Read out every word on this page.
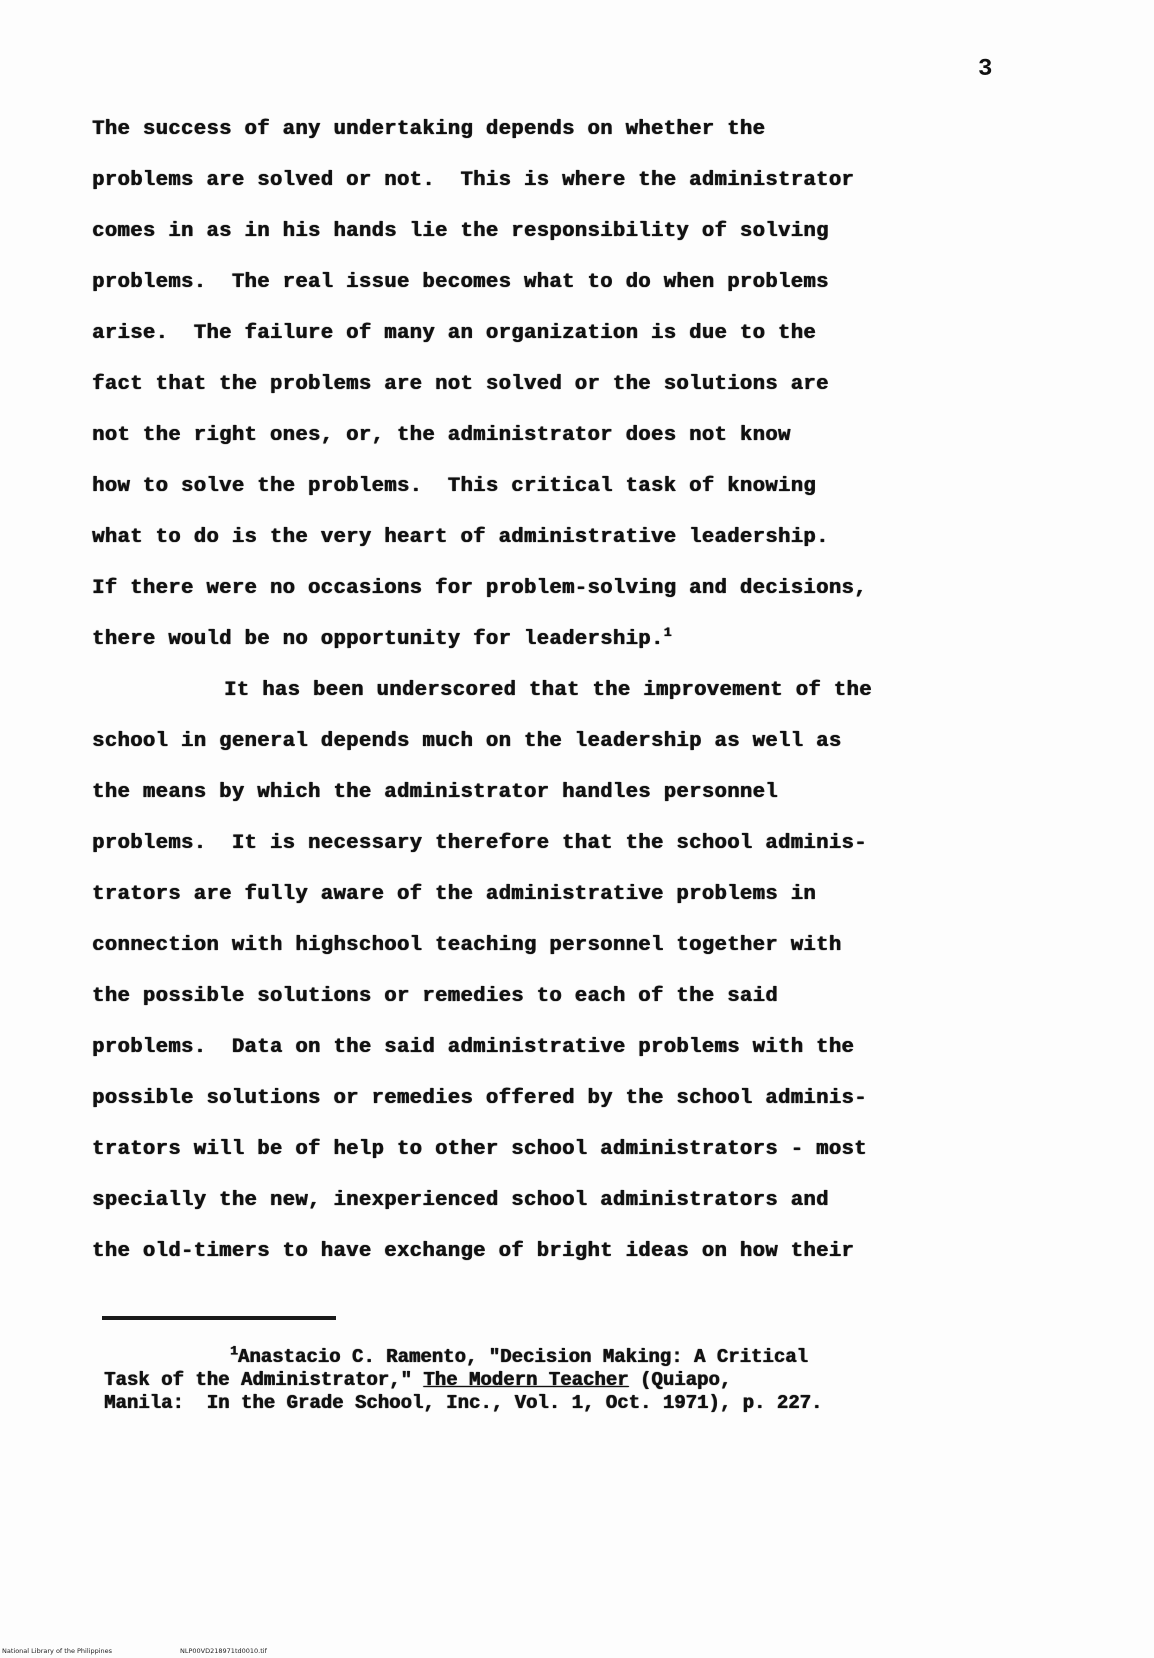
3
The success of any undertaking depends on whether the
problems are solved or not.  This is where the administrator
comes in as in his hands lie the responsibility of solving
problems.  The real issue becomes what to do when problems
arise.  The failure of many an organization is due to the
fact that the problems are not solved or the solutions are
not the right ones, or, the administrator does not know
how to solve the problems.  This critical task of knowing
what to do is the very heart of administrative leadership.
If there were no occasions for problem-solving and decisions,
there would be no opportunity for leadership.$^1$
It has been underscored that the improvement of the
school in general depends much on the leadership as well as
the means by which the administrator handles personnel
problems.  It is necessary therefore that the school adminis-
trators are fully aware of the administrative problems in
connection with highschool teaching personnel together with
the possible solutions or remedies to each of the said
problems.  Data on the said administrative problems with the
possible solutions or remedies offered by the school adminis-
trators will be of help to other school administrators - most
specially the new, inexperienced school administrators and
the old-timers to have exchange of bright ideas on how their
$^1$Anastacio C. Ramento, "Decision Making: A Critical
Task of the Administrator," The Modern Teacher (Quiapo,
Manila:  In the Grade School, Inc., Vol. 1, Oct. 1971), p. 227.
National Library of the Philippines	NLP00VD218971td0010.tif
